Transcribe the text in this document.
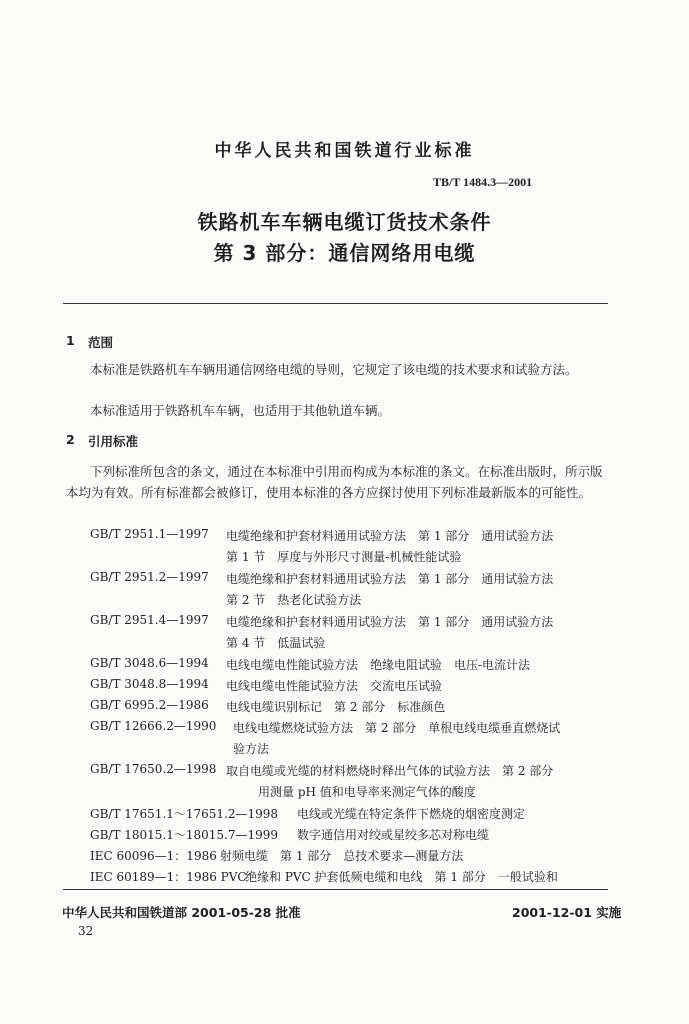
中华人民共和国铁道行业标准
TB/T 1484.3—2001
铁路机车车辆电缆订货技术条件
第 3 部分：通信网络用电缆
1 范围
本标准是铁路机车车辆用通信网络电缆的导则，它规定了该电缆的技术要求和试验方法。
本标准适用于铁路机车车辆，也适用于其他轨道车辆。
2 引用标准
下列标准所包含的条文，通过在本标准中引用而构成为本标准的条文。在标准出版时，所示版本均为有效。所有标准都会被修订，使用本标准的各方应探讨使用下列标准最新版本的可能性。
GB/T 2951.1—1997 电缆绝缘和护套材料通用试验方法　第 1 部分　通用试验方法
第 1 节　厚度与外形尺寸测量-机械性能试验
GB/T 2951.2—1997 电缆绝缘和护套材料通用试验方法　第 1 部分　通用试验方法
第 2 节　热老化试验方法
GB/T 2951.4—1997 电缆绝缘和护套材料通用试验方法　第 1 部分　通用试验方法
第 4 节　低温试验
GB/T 3048.6—1994 电线电缆电性能试验方法　绝缘电阻试验　电压-电流计法
GB/T 3048.8—1994 电线电缆电性能试验方法　交流电压试验
GB/T 6995.2—1986 电线电缆识别标记　第 2 部分　标准颜色
GB/T 12666.2—1990 电线电缆燃烧试验方法　第 2 部分　单根电线电缆垂直燃烧试
验方法
GB/T 17650.2—1998 取自电缆或光缆的材料燃烧时释出气体的试验方法　第 2 部分
用测量 pH 值和电导率来测定气体的酸度
GB/T 17651.1～17651.2—1998 电线或光缆在特定条件下燃烧的烟密度测定
GB/T 18015.1～18015.7—1999 数字通信用对绞或星绞多芯对称电缆
IEC 60096—1：1986 射频电缆　第 1 部分　总技术要求—测量方法
IEC 60189—1：1986 PVC
绝缘和 PVC 护套低频电缆和电线　第 1 部分　一般试验和
中华人民共和国铁道部 2001-05-28 批准	2001-12-01 实施
32
